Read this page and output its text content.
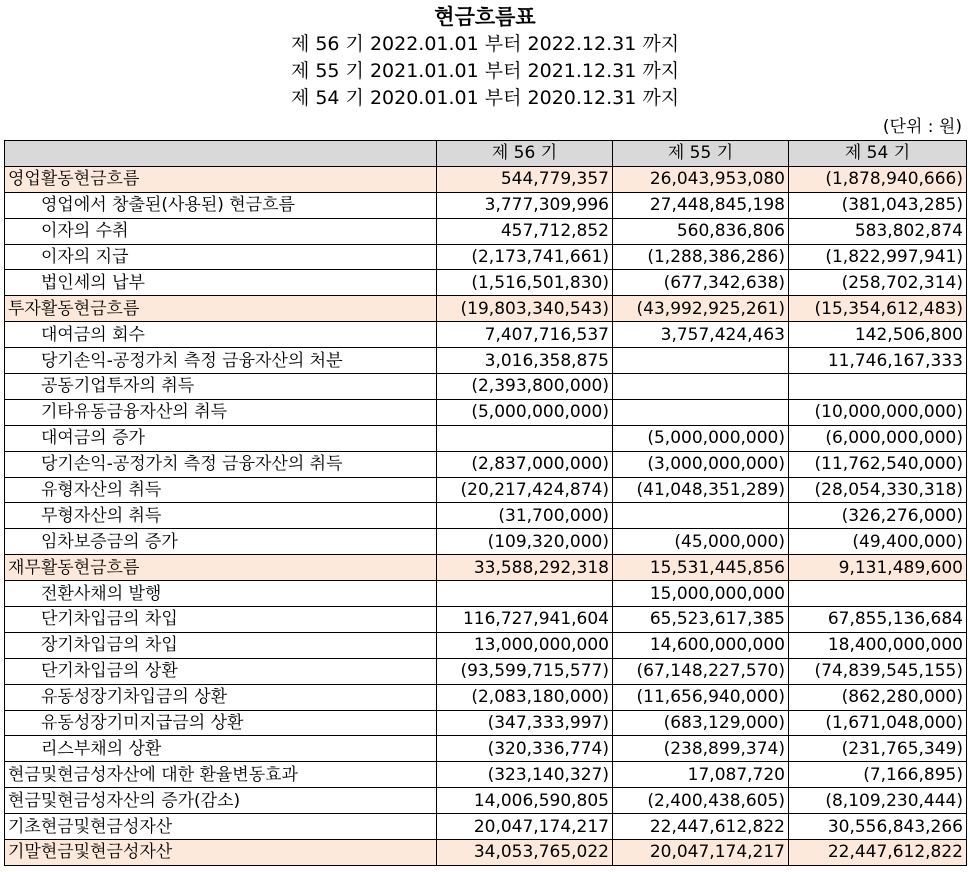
현금흐름표
제 56 기 2022.01.01 부터 2022.12.31 까지
제 55 기 2021.01.01 부터 2021.12.31 까지
제 54 기 2020.01.01 부터 2020.12.31 까지
(단위 : 원)
	제 56 기	제 55 기	제 54 기
영업활동현금흐름	544,779,357	26,043,953,080	(1,878,940,666)
영업에서 창출된(사용된) 현금흐름	3,777,309,996	27,448,845,198	(381,043,285)
이자의 수취	457,712,852	560,836,806	583,802,874
이자의 지급	(2,173,741,661)	(1,288,386,286)	(1,822,997,941)
법인세의 납부	(1,516,501,830)	(677,342,638)	(258,702,314)
투자활동현금흐름	(19,803,340,543)	(43,992,925,261)	(15,354,612,483)
대여금의 회수	7,407,716,537	3,757,424,463	142,506,800
당기손익-공정가치 측정 금융자산의 처분	3,016,358,875		11,746,167,333
공동기업투자의 취득	(2,393,800,000)		
기타유동금융자산의 취득	(5,000,000,000)		(10,000,000,000)
대여금의 증가		(5,000,000,000)	(6,000,000,000)
당기손익-공정가치 측정 금융자산의 취득	(2,837,000,000)	(3,000,000,000)	(11,762,540,000)
유형자산의 취득	(20,217,424,874)	(41,048,351,289)	(28,054,330,318)
무형자산의 취득	(31,700,000)		(326,276,000)
임차보증금의 증가	(109,320,000)	(45,000,000)	(49,400,000)
재무활동현금흐름	33,588,292,318	15,531,445,856	9,131,489,600
전환사채의 발행		15,000,000,000	
단기차입금의 차입	116,727,941,604	65,523,617,385	67,855,136,684
장기차입금의 차입	13,000,000,000	14,600,000,000	18,400,000,000
단기차입금의 상환	(93,599,715,577)	(67,148,227,570)	(74,839,545,155)
유동성장기차입금의 상환	(2,083,180,000)	(11,656,940,000)	(862,280,000)
유동성장기미지급금의 상환	(347,333,997)	(683,129,000)	(1,671,048,000)
리스부채의 상환	(320,336,774)	(238,899,374)	(231,765,349)
현금및현금성자산에 대한 환율변동효과	(323,140,327)	17,087,720	(7,166,895)
현금및현금성자산의 증가(감소)	14,006,590,805	(2,400,438,605)	(8,109,230,444)
기초현금및현금성자산	20,047,174,217	22,447,612,822	30,556,843,266
기말현금및현금성자산	34,053,765,022	20,047,174,217	22,447,612,822
